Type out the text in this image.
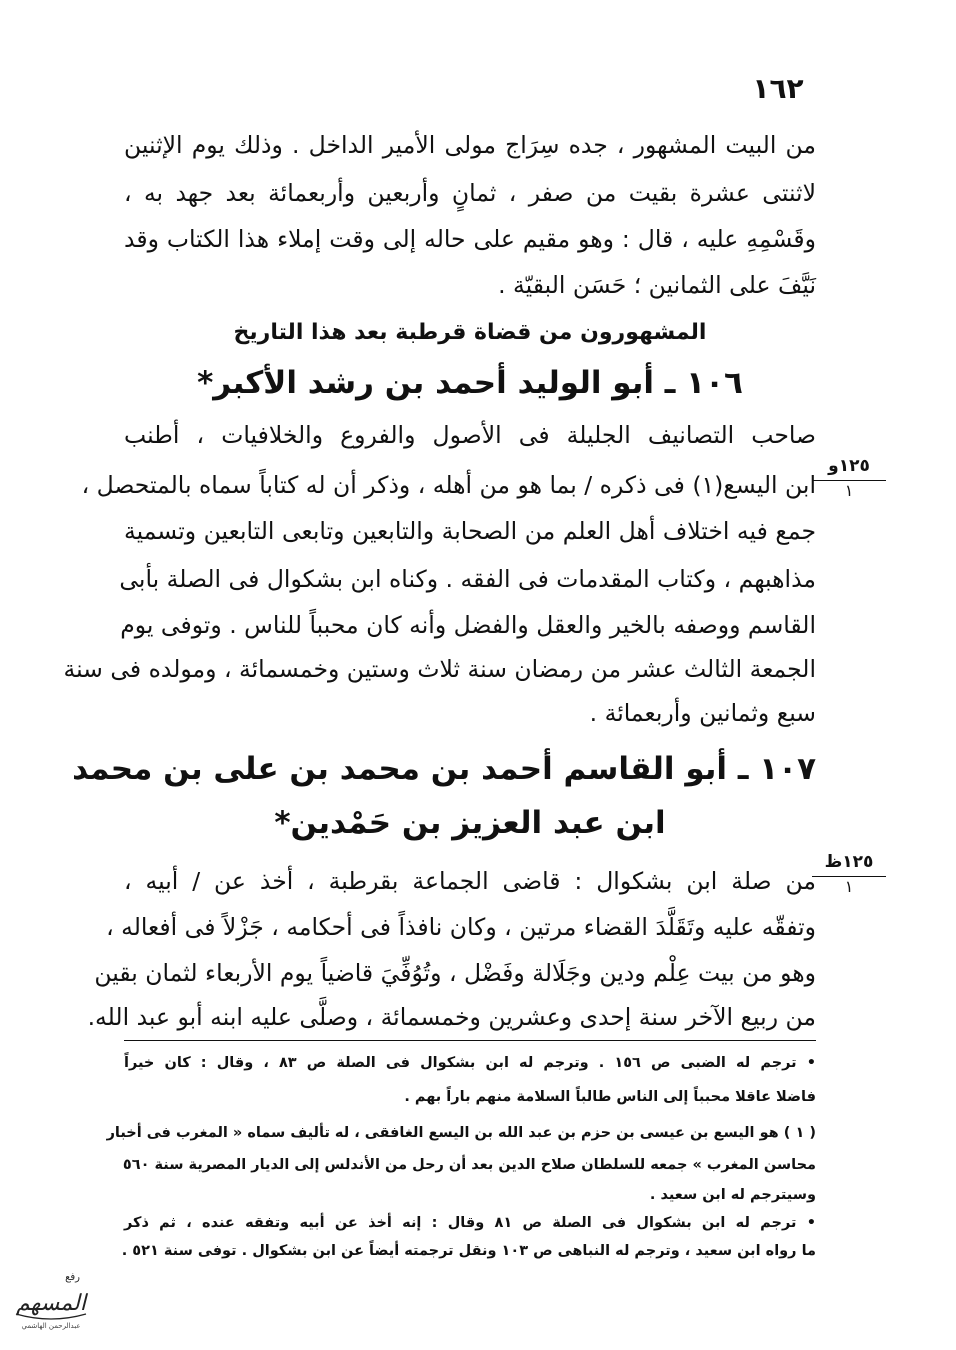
١٦٢
من البيت المشهور ، جده سِرَاج مولى الأمير الداخل . وذلك يوم الإثنين
لاثنتى عشرة بقيت من صفر ، ثمانٍ وأربعين وأربعمائة بعد جهد به ،
وقَسْمِهِ عليه ، قال : وهو مقيم على حاله إلى وقت إملاء هذا الكتاب وقد
نَيَّفَ على الثمانين ؛ حَسَن البقيّة .
المشهورون من قضاة قرطبة بعد هذا التاريخ
١٠٦ ـ أبو الوليد أحمد بن رشد الأكبر*
صاحب التصانيف الجليلة فى الأصول والفروع والخلافيات ، أطنب
ابن اليسع(١) فى ذكره / بما هو من أهله ، وذكر أن له كتاباً سماه بالمتحصل ،
جمع فيه اختلاف أهل العلم من الصحابة والتابعين وتابعى التابعين وتسمية
مذاهبهم ، وكتاب المقدمات فى الفقه . وكناه ابن بشكوال فى الصلة بأبى
القاسم ووصفه بالخير والعقل والفضل وأنه كان محبباً للناس . وتوفى يوم
الجمعة الثالث عشر من رمضان سنة ثلاث وستين وخمسمائة ، ومولده فى سنة
سبع وثمانين وأربعمائة .
١٢٥و
١
١٠٧ ـ أبو القاسم أحمد بن محمد بن على بن محمد
ابن عبد العزيز بن حَمْدين*
من صلة ابن بشكوال : قاضى الجماعة بقرطبة ، أخذ عن / أبيه ،
وتفقّه عليه وتَقَلَّدَ القضاء مرتين ، وكان نافذاً فى أحكامه ، جَزْلاً فى أفعاله ،
وهو من بيت عِلْم ودين وجَلَالة وفَضْل ، وتُوُفِّيَ قاضياً يوم الأربعاء لثمان بقين
من ربيع الآخر سنة إحدى وعشرين وخمسمائة ، وصلَّى عليه ابنه أبو عبد الله.
١٢٥ظ
١
• ترجم له الضبى ص ١٥٦ . وترجم له ابن بشكوال فى الصلة ص ٨٣ ، وقال : كان خيراً
فاضلا عاقلا محبباً إلى الناس طالباً السلامة منهم باراً بهم .
( ١ ) هو اليسع بن عيسى بن حزم بن عبد الله بن اليسع الغافقى ، له تأليف سماه « المغرب فى أخبار
محاسن المغرب » جمعه للسلطان صلاح الدين بعد أن رحل من الأندلس إلى الديار المصرية سنة ٥٦٠
وسيترجم له ابن سعيد .
• ترجم له ابن بشكوال فى الصلة ص ٨١ وقال : إنه أخذ عن أبيه وتفقه عنده ، ثم ذكر
ما رواه ابن سعيد ، وترجم له النباهى ص ١٠٣ ونقل ترجمته أيضاً عن ابن بشكوال . توفى سنة ٥٢١ .
رفع
المسهم
عبدالرحمن الهاشمي
